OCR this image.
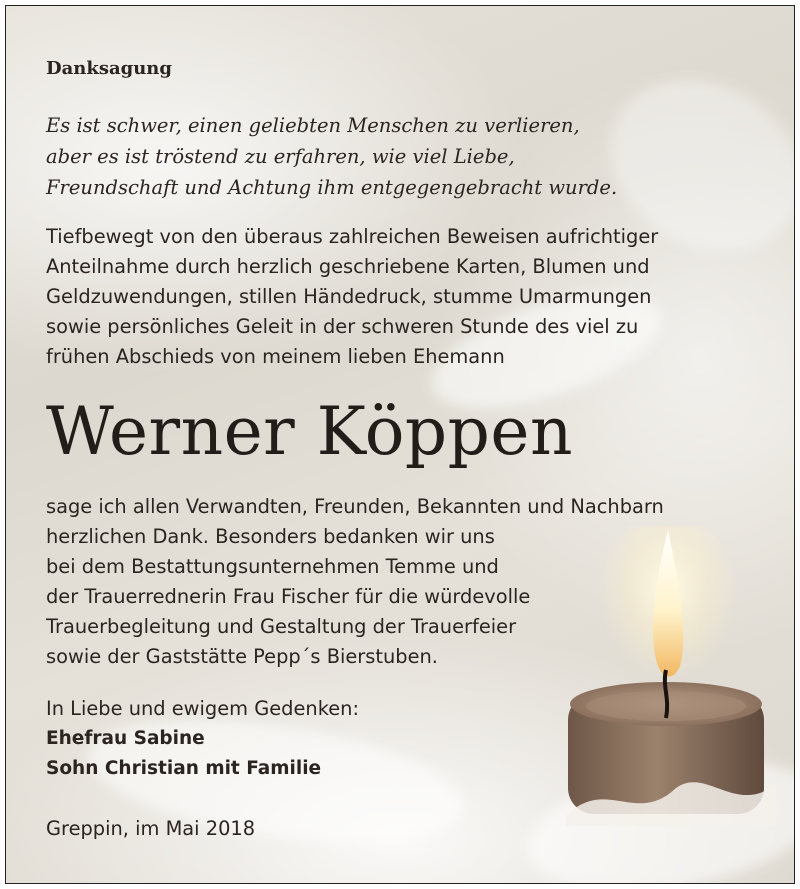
Danksagung
Es ist schwer, einen geliebten Menschen zu verlieren,
aber es ist tröstend zu erfahren, wie viel Liebe,
Freundschaft und Achtung ihm entgegengebracht wurde.
Tiefbewegt von den überaus zahlreichen Beweisen aufrichtiger
Anteilnahme durch herzlich geschriebene Karten, Blumen und
Geldzuwendungen, stillen Händedruck, stumme Umarmungen
sowie persönliches Geleit in der schweren Stunde des viel zu
frühen Abschieds von meinem lieben Ehemann
Werner Köppen
sage ich allen Verwandten, Freunden, Bekannten und Nachbarn
herzlichen Dank. Besonders bedanken wir uns
bei dem Bestattungsunternehmen Temme und
der Trauerrednerin Frau Fischer für die würdevolle
Trauerbegleitung und Gestaltung der Trauerfeier
sowie der Gaststätte Pepp´s Bierstuben.
In Liebe und ewigem Gedenken:
Ehefrau Sabine
Sohn Christian mit Familie
Greppin, im Mai 2018
